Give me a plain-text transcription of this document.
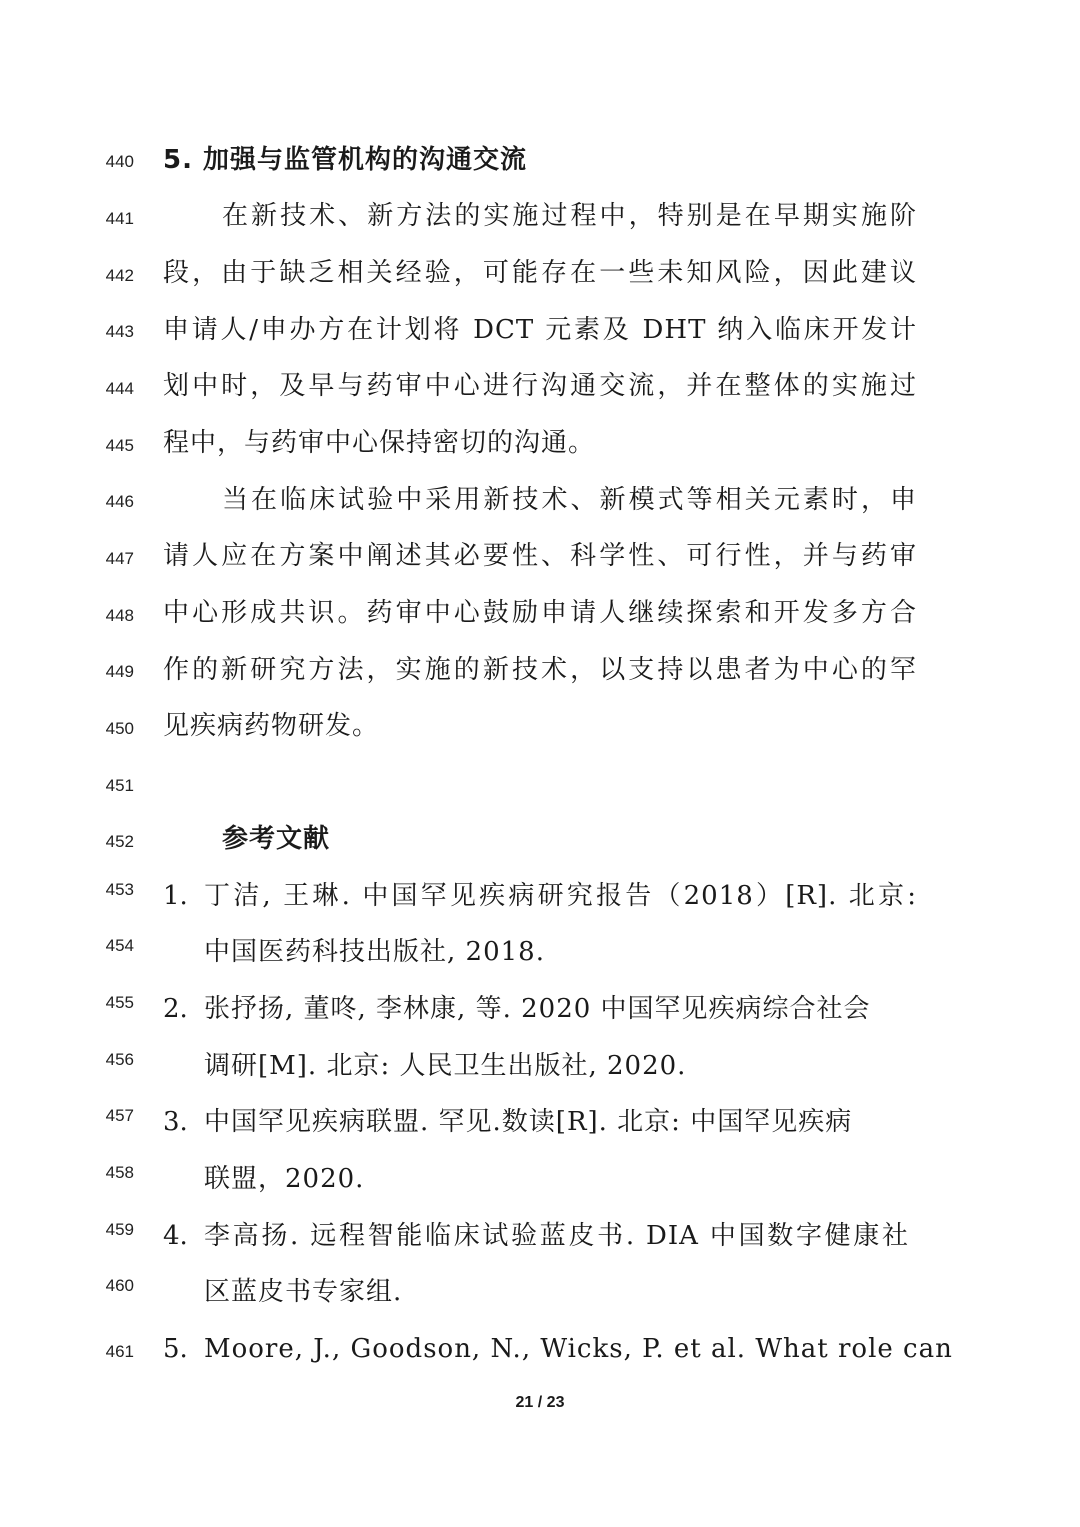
440
441
442
443
444
445
446
447
448
449
450
451
452
453
454
455
456
457
458
459
460
461
5. 加强与监管机构的沟通交流
在新技术、新方法的实施过程中，特别是在早期实施阶
段，由于缺乏相关经验，可能存在一些未知风险，因此建议
申请人/申办方在计划将 DCT 元素及 DHT 纳入临床开发计
划中时，及早与药审中心进行沟通交流，并在整体的实施过
程中，与药审中心保持密切的沟通。
当在临床试验中采用新技术、新模式等相关元素时，申
请人应在方案中阐述其必要性、科学性、可行性，并与药审
中心形成共识。药审中心鼓励申请人继续探索和开发多方合
作的新研究方法，实施的新技术，以支持以患者为中心的罕
见疾病药物研发。
参考文献
1. 丁洁, 王琳. 中国罕见疾病研究报告（2018）[R]. 北京:
中国医药科技出版社, 2018.
2. 张抒扬, 董咚, 李林康, 等. 2020 中国罕见疾病综合社会
调研[M]. 北京: 人民卫生出版社, 2020.
3. 中国罕见疾病联盟. 罕见.数读[R]. 北京: 中国罕见疾病
联盟，2020.
4. 李高扬. 远程智能临床试验蓝皮书. DIA 中国数字健康社
区蓝皮书专家组.
5. Moore, J., Goodson, N., Wicks, P. et al. What role can
21 / 23
